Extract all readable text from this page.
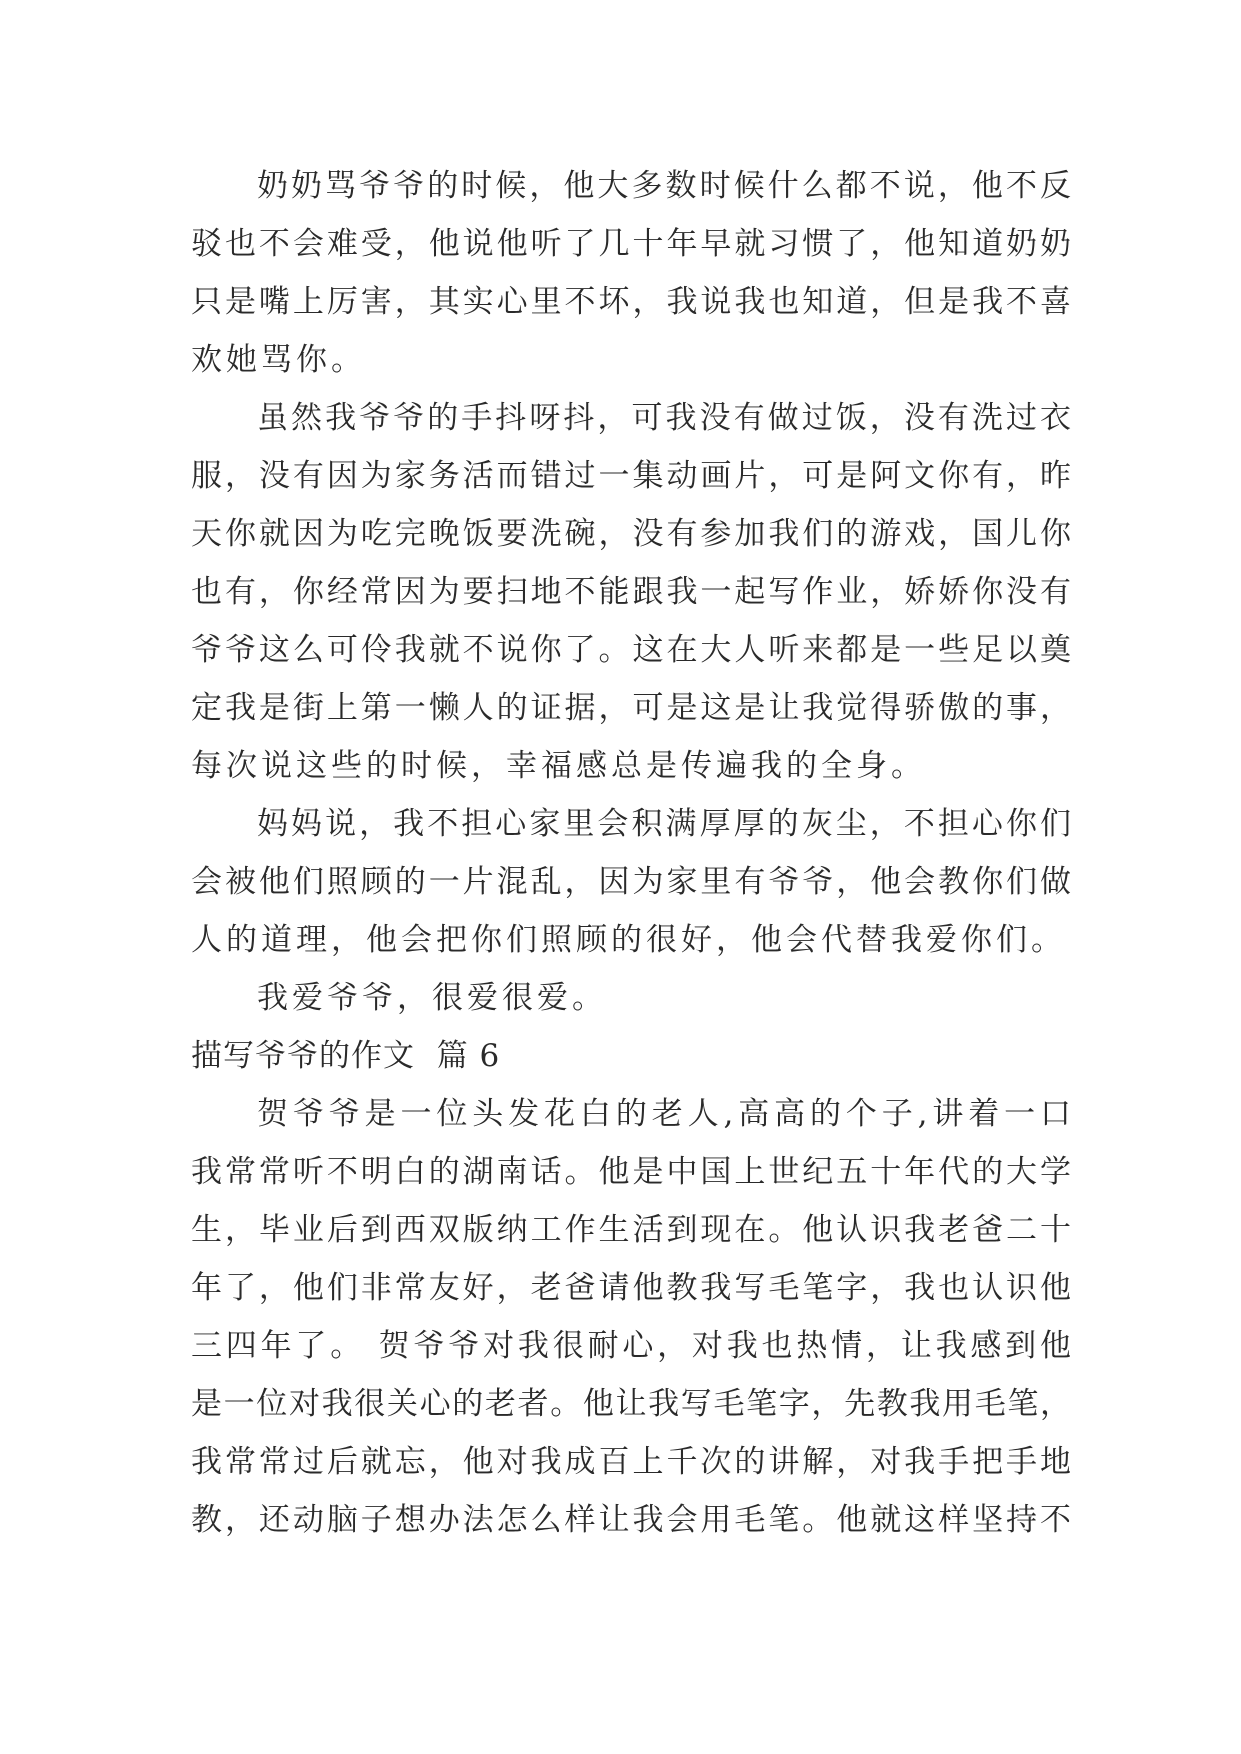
奶奶骂爷爷的时候，他大多数时候什么都不说，他不反
驳也不会难受，他说他听了几十年早就习惯了，他知道奶奶
只是嘴上厉害，其实心里不坏，我说我也知道，但是我不喜
欢她骂你。
虽然我爷爷的手抖呀抖，可我没有做过饭，没有洗过衣
服，没有因为家务活而错过一集动画片，可是阿文你有，昨
天你就因为吃完晚饭要洗碗，没有参加我们的游戏，国儿你
也有，你经常因为要扫地不能跟我一起写作业，娇娇你没有
爷爷这么可伶我就不说你了。这在大人听来都是一些足以奠
定我是街上第一懒人的证据，可是这是让我觉得骄傲的事，
每次说这些的时候，幸福感总是传遍我的全身。
妈妈说，我不担心家里会积满厚厚的灰尘，不担心你们
会被他们照顾的一片混乱，因为家里有爷爷，他会教你们做
人的道理，他会把你们照顾的很好，他会代替我爱你们。
我爱爷爷，很爱很爱。
描写爷爷的作文  篇 6
贺爷爷是一位头发花白的老人,高高的个子,讲着一口
我常常听不明白的湖南话。他是中国上世纪五十年代的大学
生，毕业后到西双版纳工作生活到现在。他认识我老爸二十
年了，他们非常友好，老爸请他教我写毛笔字，我也认识他
三四年了。 贺爷爷对我很耐心，对我也热情，让我感到他
是一位对我很关心的老者。他让我写毛笔字，先教我用毛笔，
我常常过后就忘，他对我成百上千次的讲解，对我手把手地
教，还动脑子想办法怎么样让我会用毛笔。他就这样坚持不
